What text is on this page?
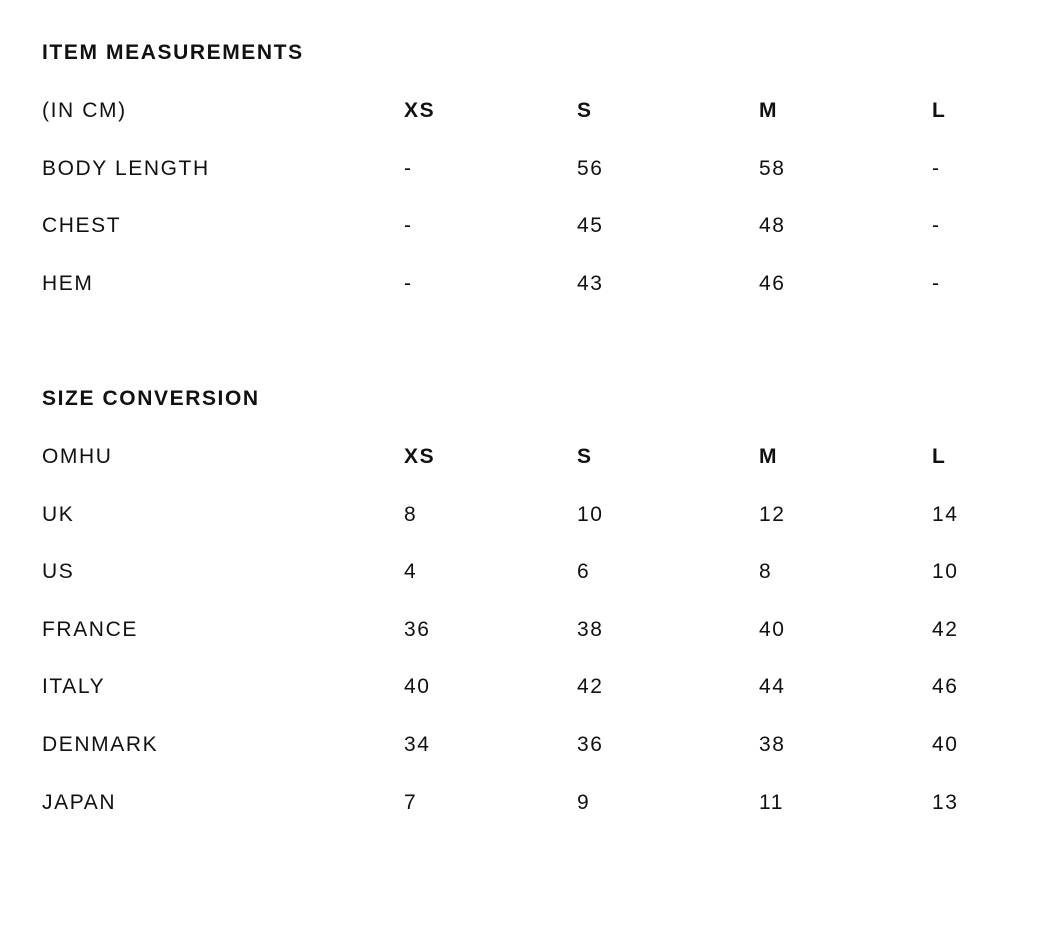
ITEM MEASUREMENTS
(IN CM)	XS	S	M	L
BODY LENGTH	-	56	58	-
CHEST	-	45	48	-
HEM	-	43	46	-
SIZE CONVERSION
OMHU	XS	S	M	L
UK	8	10	12	14
US	4	6	8	10
FRANCE	36	38	40	42
ITALY	40	42	44	46
DENMARK	34	36	38	40
JAPAN	7	9	11	13
